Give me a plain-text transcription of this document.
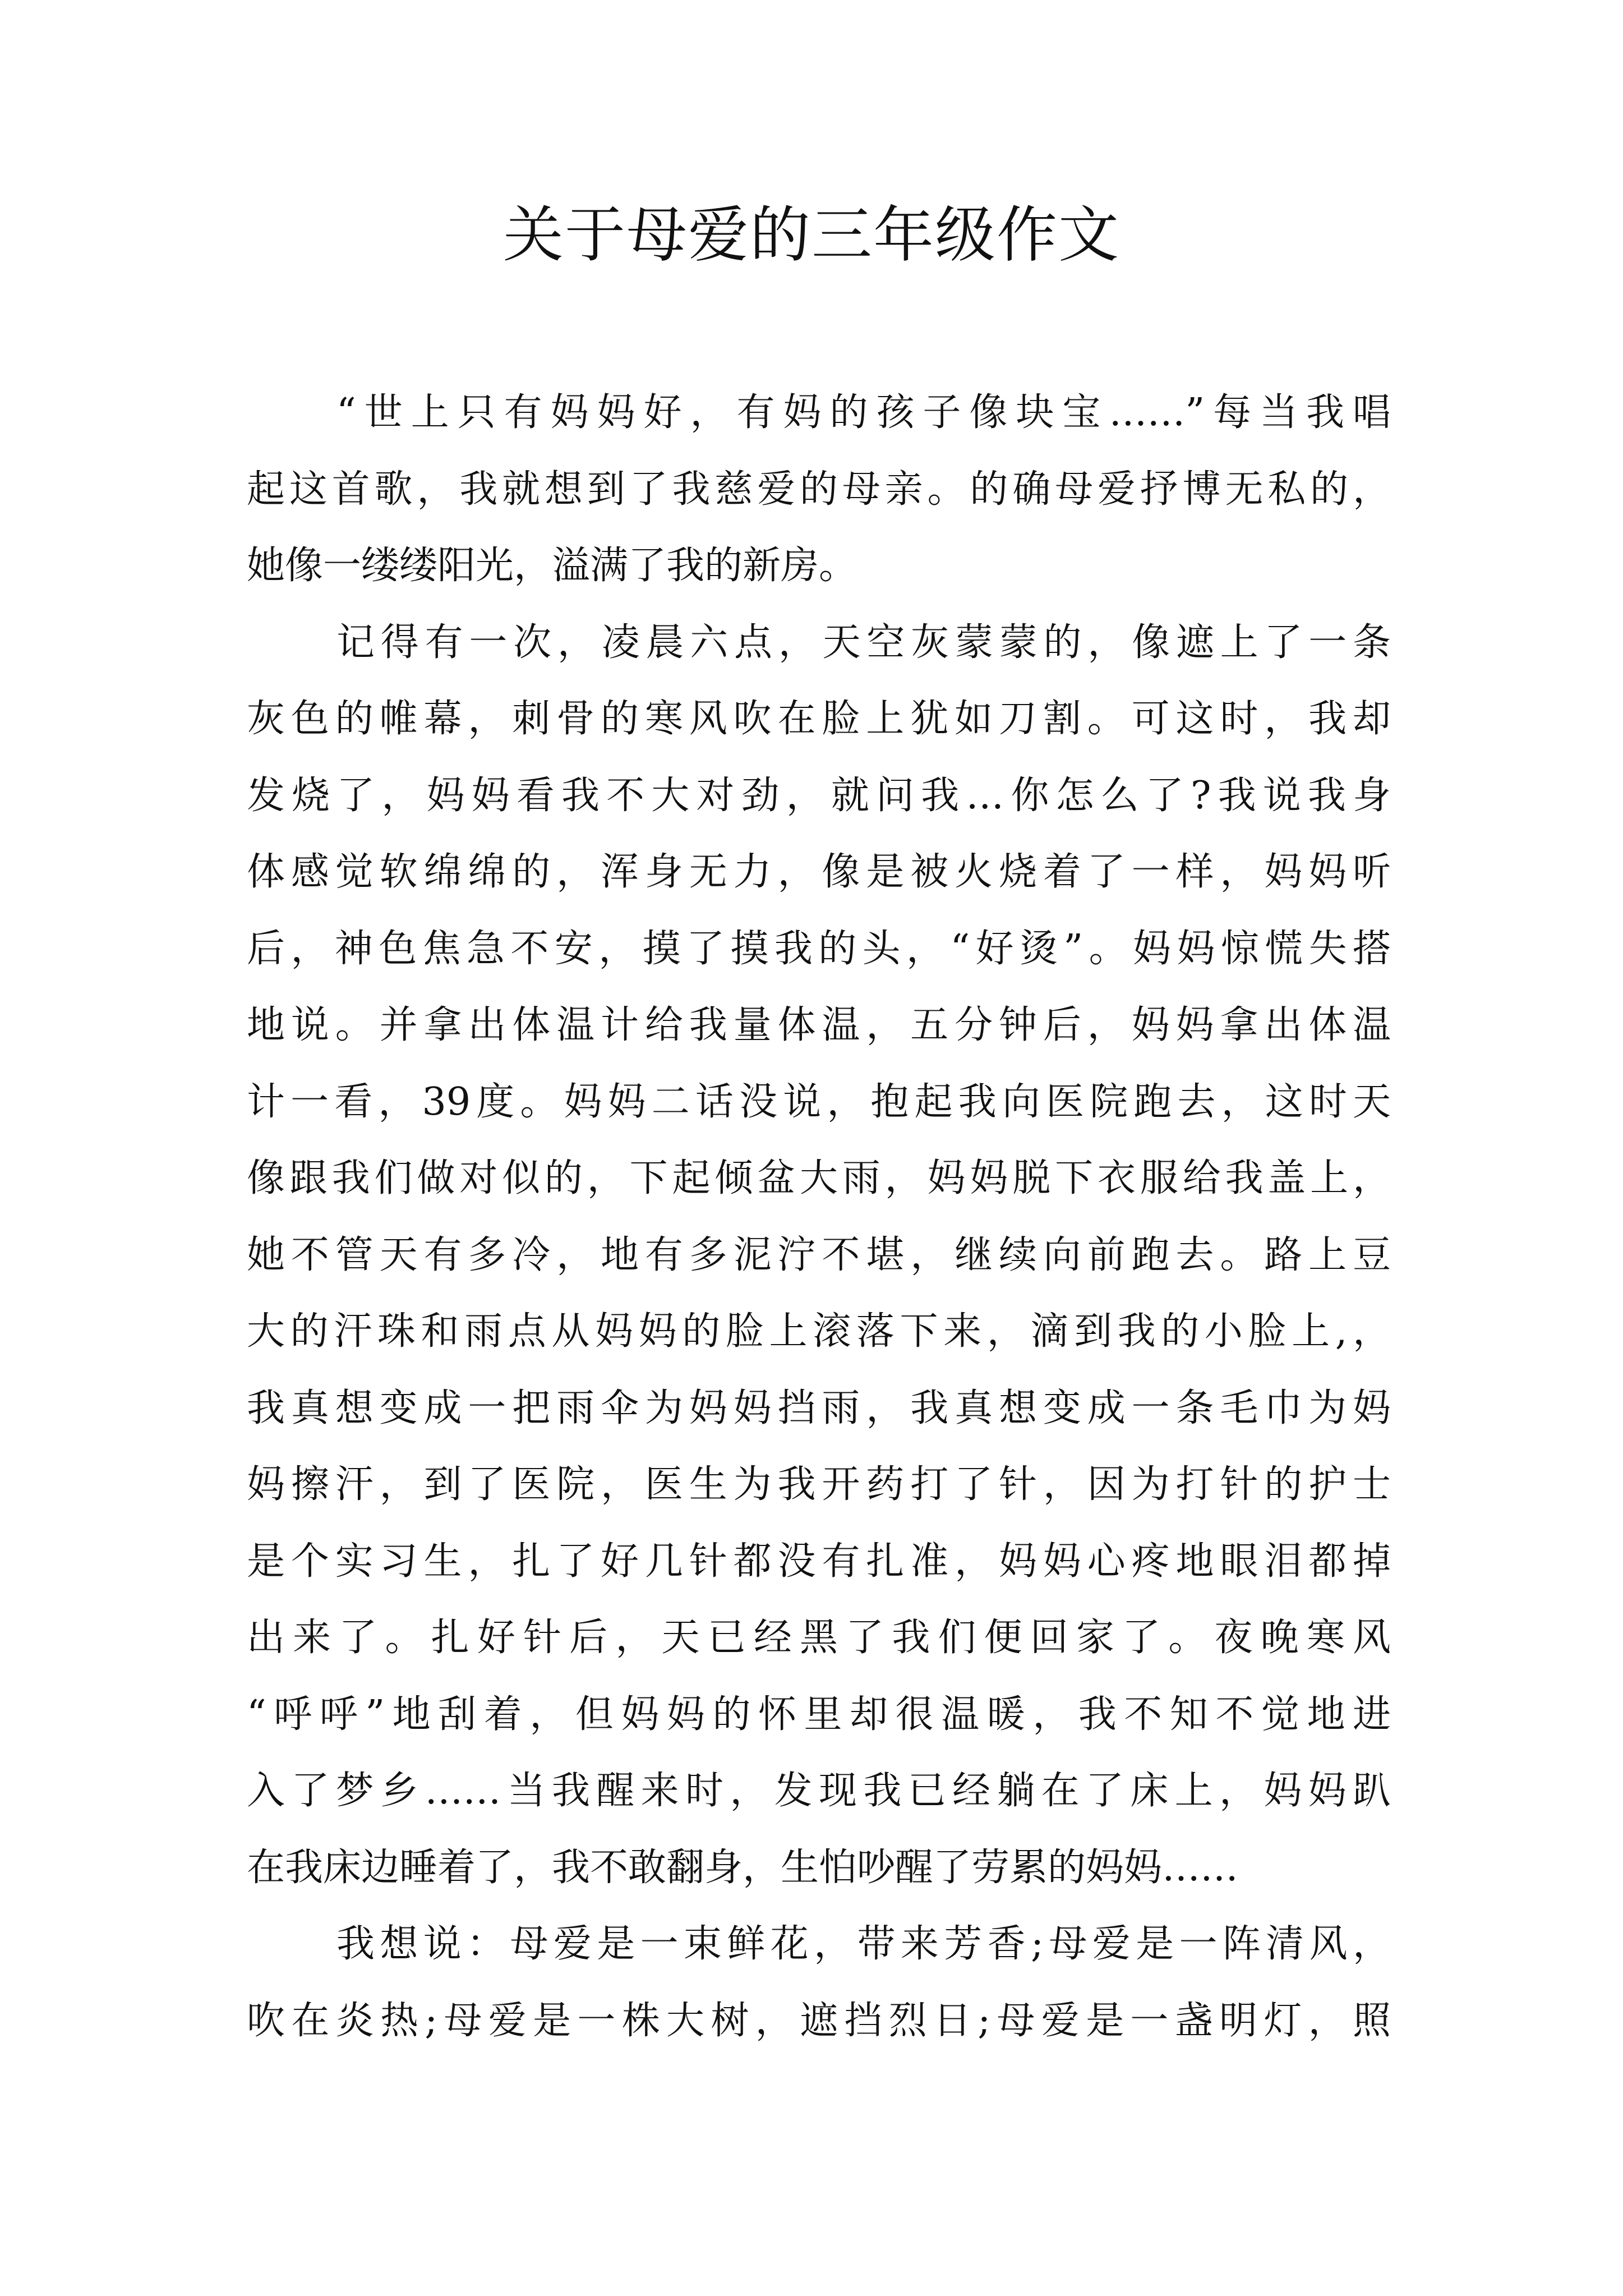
关于母爱的三年级作文
“世上只有妈妈好，有妈的孩子像块宝……”每当我唱
起这首歌，我就想到了我慈爱的母亲。的确母爱抒博无私的，
她像一缕缕阳光，溢满了我的新房。
记得有一次，凌晨六点，天空灰蒙蒙的，像遮上了一条
灰色的帷幕，刺骨的寒风吹在脸上犹如刀割。可这时，我却
发烧了，妈妈看我不大对劲，就问我…你怎么了?我说我身
体感觉软绵绵的，浑身无力，像是被火烧着了一样，妈妈听
后，神色焦急不安，摸了摸我的头，“好烫”。妈妈惊慌失搭
地说。并拿出体温计给我量体温，五分钟后，妈妈拿出体温
计一看，39度。妈妈二话没说，抱起我向医院跑去，这时天
像跟我们做对似的，下起倾盆大雨，妈妈脱下衣服给我盖上，
她不管天有多冷，地有多泥泞不堪，继续向前跑去。路上豆
大的汗珠和雨点从妈妈的脸上滚落下来，滴到我的小脸上,，
我真想变成一把雨伞为妈妈挡雨，我真想变成一条毛巾为妈
妈擦汗，到了医院，医生为我开药打了针，因为打针的护士
是个实习生，扎了好几针都没有扎准，妈妈心疼地眼泪都掉
出来了。扎好针后，天已经黑了我们便回家了。夜晚寒风
“呼呼”地刮着，但妈妈的怀里却很温暖，我不知不觉地进
入了梦乡……当我醒来时，发现我已经躺在了床上，妈妈趴
在我床边睡着了，我不敢翻身，生怕吵醒了劳累的妈妈……
我想说：母爱是一束鲜花，带来芳香;母爱是一阵清风，
吹在炎热;母爱是一株大树，遮挡烈日;母爱是一盏明灯，照
